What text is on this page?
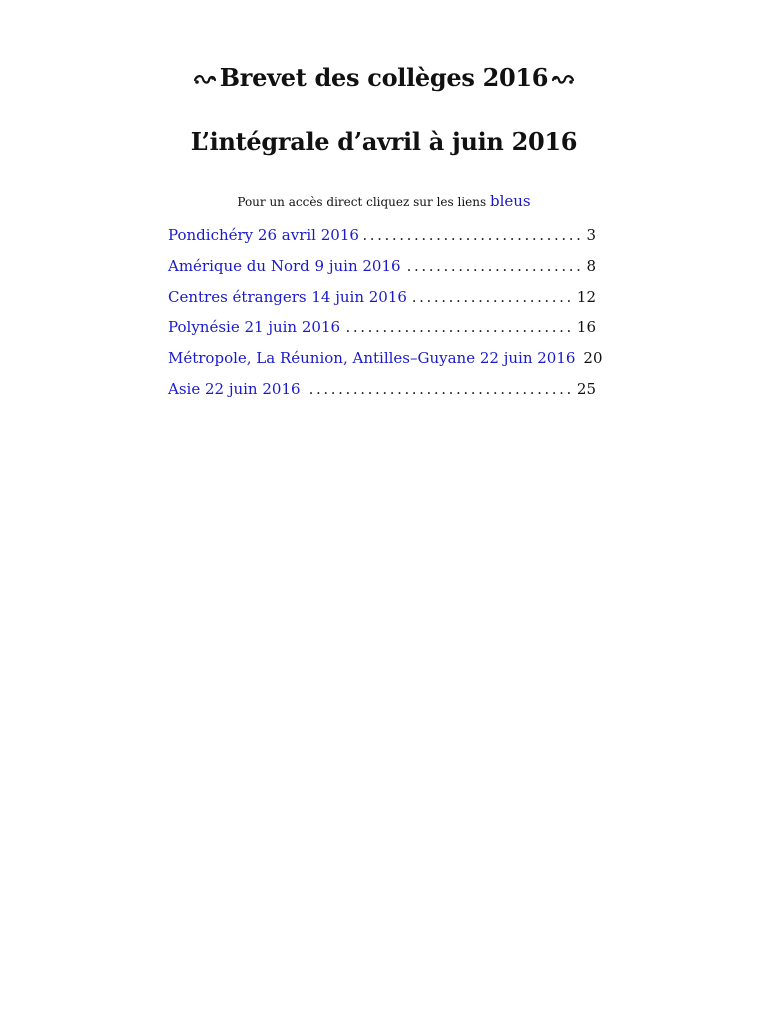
Brevet des collèges 2016
L’intégrale d’avril à juin 2016
Pour un accès direct cliquez sur les liens bleus
Pondichéry 26 avril 2016 .....	3
Amérique du Nord 9 juin 2016 .....	8
Centres étrangers 14 juin 2016 .....	12
Polynésie 21 juin 2016 .....	16
Métropole, La Réunion, Antilles–Guyane 22 juin 2016 20
Asie 22 juin 2016 .....	25
